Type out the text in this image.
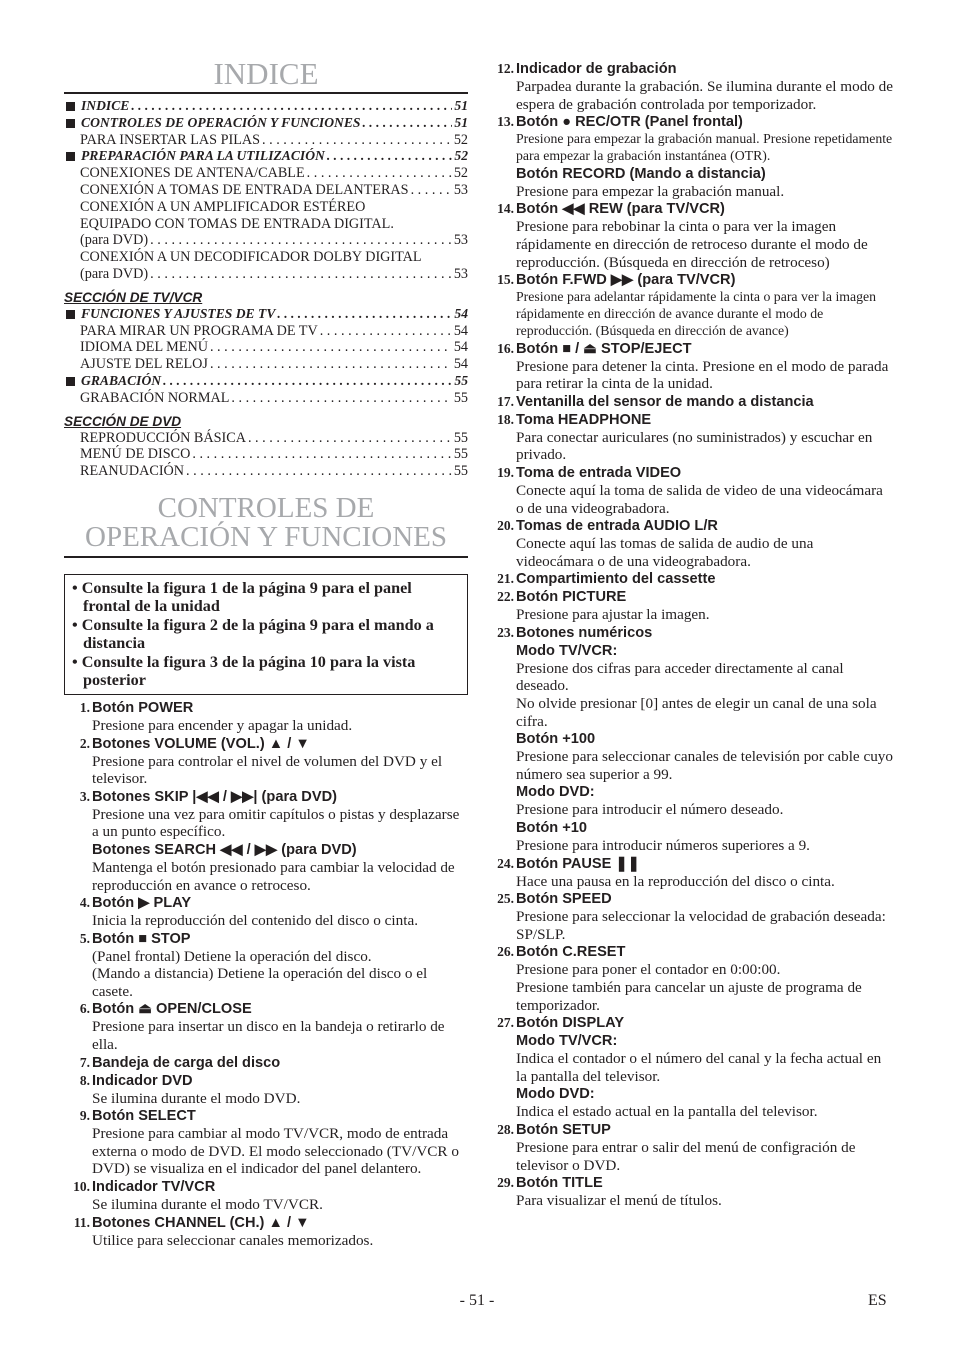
INDICE
INDICE . . .	51
CONTROLES DE OPERACIÓN Y FUNCIONES . . .	51
PARA INSERTAR LAS PILAS . . .	52
PREPARACIÓN PARA LA UTILIZACIÓN . . .	52
CONEXIONES DE ANTENA/CABLE . . .	52
CONEXIÓN A TOMAS DE ENTRADA DELANTERAS . . .	53
CONEXIÓN A UN AMPLIFICADOR ESTÉREO
EQUIPADO CON TOMAS DE ENTRADA DIGITAL.
(para DVD) . . .	53
CONEXIÓN A UN DECODIFICADOR DOLBY DIGITAL
(para DVD) . . .	53
SECCIÓN DE TV/VCR
FUNCIONES Y AJUSTES DE TV . . .	54
PARA MIRAR UN PROGRAMA DE TV . . .	54
IDIOMA DEL MENÚ . . .	54
AJUSTE DEL RELOJ . . .	54
GRABACIÓN . . .	55
GRABACIÓN NORMAL . . .	55
SECCIÓN DE DVD
REPRODUCCIÓN BÁSICA . . .	55
MENÚ DE DISCO . . .	55
REANUDACIÓN . . .	55
CONTROLES DE
OPERACIÓN Y FUNCIONES
• Consulte la figura 1 de la página 9 para el panel frontal de la unidad
• Consulte la figura 2 de la página 9 para el mando a distancia
• Consulte la figura 3 de la página 10 para la vista posterior
1. Botón POWER
Presione para encender y apagar la unidad.
2. Botones VOLUME (VOL.) ▲ / ▼
Presione para controlar el nivel de volumen del DVD y el televisor.
3. Botones SKIP |◀◀ / ▶▶| (para DVD)
Presione una vez para omitir capítulos o pistas y desplazarse a un punto específico.
Botones SEARCH ◀◀ / ▶▶ (para DVD)
Mantenga el botón presionado para cambiar la velocidad de reproducción en avance o retroceso.
4. Botón ▶ PLAY
Inicia la reproducción del contenido del disco o cinta.
5. Botón ■ STOP
(Panel frontal) Detiene la operación del disco.
(Mando a distancia) Detiene la operación del disco o el casete.
6. Botón ⏏ OPEN/CLOSE
Presione para insertar un disco en la bandeja o retirarlo de ella.
7. Bandeja de carga del disco
8. Indicador DVD
Se ilumina durante el modo DVD.
9. Botón SELECT
Presione para cambiar al modo TV/VCR, modo de entrada externa o modo de DVD. El modo seleccionado (TV/VCR o DVD) se visualiza en el indicador del panel delantero.
10. Indicador TV/VCR
Se ilumina durante el modo TV/VCR.
11. Botones CHANNEL (CH.) ▲ / ▼
Utilice para seleccionar canales memorizados.
12. Indicador de grabación
Parpadea durante la grabación. Se ilumina durante el modo de espera de grabación controlada por temporizador.
13. Botón ● REC/OTR (Panel frontal)
Presione para empezar la grabación manual. Presione repetidamente para empezar la grabación instantánea (OTR).
Botón RECORD (Mando a distancia)
Presione para empezar la grabación manual.
14. Botón ◀◀ REW (para TV/VCR)
Presione para rebobinar la cinta o para ver la imagen rápidamente en dirección de retroceso durante el modo de reproducción. (Búsqueda en dirección de retroceso)
15. Botón F.FWD ▶▶ (para TV/VCR)
Presione para adelantar rápidamente la cinta o para ver la imagen rápidamente en dirección de avance durante el modo de reproducción. (Búsqueda en dirección de avance)
16. Botón ■ / ⏏ STOP/EJECT
Presione para detener la cinta. Presione en el modo de parada para retirar la cinta de la unidad.
17. Ventanilla del sensor de mando a distancia
18. Toma HEADPHONE
Para conectar auriculares (no suministrados) y escuchar en privado.
19. Toma de entrada VIDEO
Conecte aquí la toma de salida de video de una videocámara o de una videograbadora.
20. Tomas de entrada AUDIO L/R
Conecte aquí las tomas de salida de audio de una videocámara o de una videograbadora.
21. Compartimiento del cassette
22. Botón PICTURE
Presione para ajustar la imagen.
23. Botones numéricos
Modo TV/VCR:
Presione dos cifras para acceder directamente al canal deseado.
No olvide presionar [0] antes de elegir un canal de una sola cifra.
Botón +100
Presione para seleccionar canales de televisión por cable cuyo número sea superior a 99.
Modo DVD:
Presione para introducir el número deseado.
Botón +10
Presione para introducir números superiores a 9.
24. Botón PAUSE ❚❚
Hace una pausa en la reproducción del disco o cinta.
25. Botón SPEED
Presione para seleccionar la velocidad de grabación deseada: SP/SLP.
26. Botón C.RESET
Presione para poner el contador en 0:00:00.
Presione también para cancelar un ajuste de programa de temporizador.
27. Botón DISPLAY
Modo TV/VCR:
Indica el contador o el número del canal y la fecha actual en la pantalla del televisor.
Modo DVD:
Indica el estado actual en la pantalla del televisor.
28. Botón SETUP
Presione para entrar o salir del menú de configración de televisor o DVD.
29. Botón TITLE
Para visualizar el menú de títulos.
- 51 -	ES
